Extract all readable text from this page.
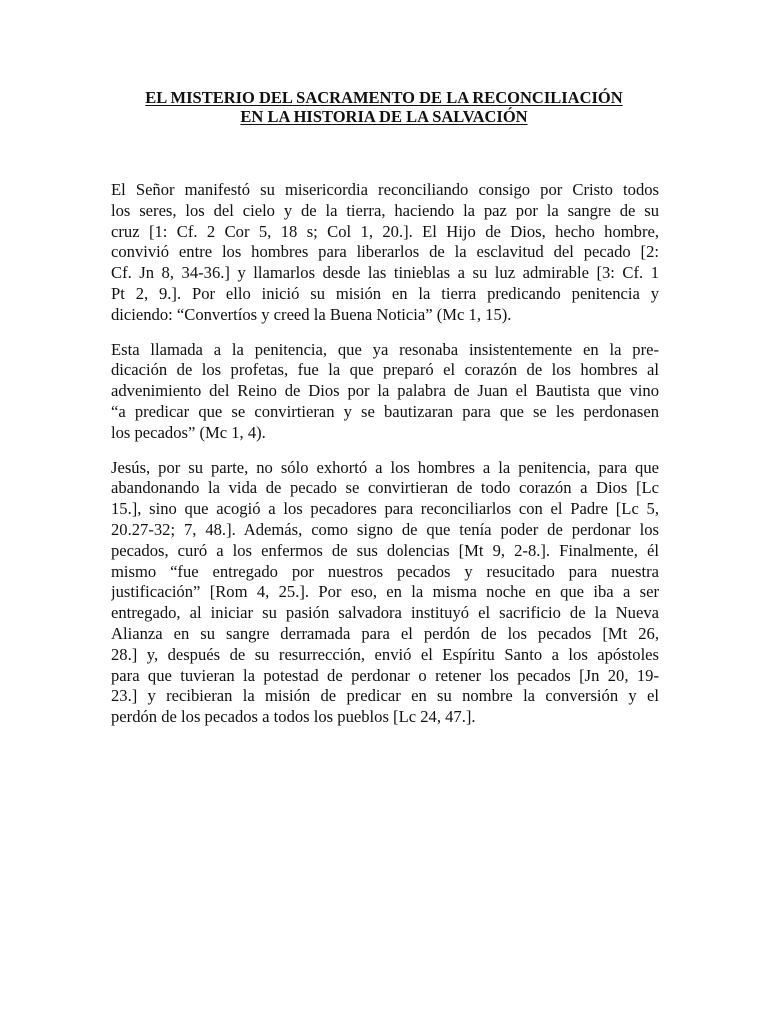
EL MISTERIO DEL SACRAMENTO DE LA RECONCILIACIÓN
EN LA HISTORIA DE LA SALVACIÓN

El Señor manifestó su misericordia reconciliando consigo por Cristo todos
los seres, los del cielo y de la tierra, haciendo la paz por la sangre de su
cruz [1: Cf. 2 Cor 5, 18 s; Col 1, 20.]. El Hijo de Dios, hecho hombre,
convivió entre los hombres para liberarlos de la esclavitud del pecado [2:
Cf. Jn 8, 34-36.] y llamarlos desde las tinieblas a su luz admirable [3: Cf. 1
Pt 2, 9.]. Por ello inició su misión en la tierra predicando penitencia y
diciendo: “Convertíos y creed la Buena Noticia” (Mc 1, 15).

Esta llamada a la penitencia, que ya resonaba insistentemente en la pre-
dicación de los profetas, fue la que preparó el corazón de los hombres al
advenimiento del Reino de Dios por la palabra de Juan el Bautista que vino
“a predicar que se convirtieran y se bautizaran para que se les perdonasen
los pecados” (Mc 1, 4).

Jesús, por su parte, no sólo exhortó a los hombres a la penitencia, para que
abandonando la vida de pecado se convirtieran de todo corazón a Dios [Lc
15.], sino que acogió a los pecadores para reconciliarlos con el Padre [Lc 5,
20.27-32; 7, 48.]. Además, como signo de que tenía poder de perdonar los
pecados, curó a los enfermos de sus dolencias [Mt 9, 2-8.]. Finalmente, él
mismo “fue entregado por nuestros pecados y resucitado para nuestra
justificación” [Rom 4, 25.]. Por eso, en la misma noche en que iba a ser
entregado, al iniciar su pasión salvadora instituyó el sacrificio de la Nueva
Alianza en su sangre derramada para el perdón de los pecados [Mt 26,
28.] y, después de su resurrección, envió el Espíritu Santo a los apóstoles
para que tuvieran la potestad de perdonar o retener los pecados [Jn 20, 19-
23.] y recibieran la misión de predicar en su nombre la conversión y el
perdón de los pecados a todos los pueblos [Lc 24, 47.].
